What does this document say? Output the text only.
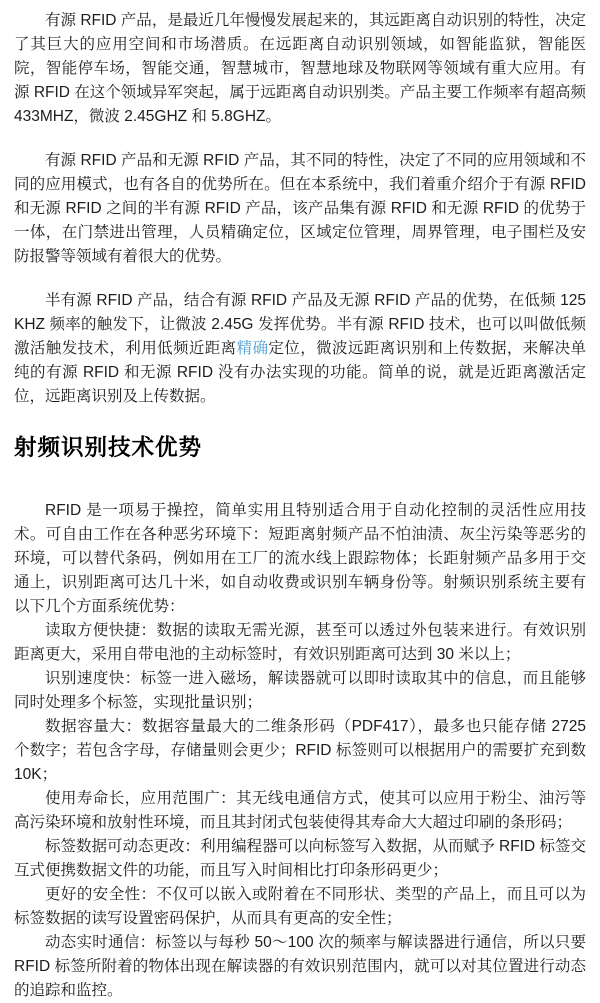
有源 RFID 产品，是最近几年慢慢发展起来的，其远距离自动识别的特性，决定了其巨大的应用空间和市场潜质。在远距离自动识别领域，如智能监狱，智能医院，智能停车场，智能交通，智慧城市，智慧地球及物联网等领域有重大应用。有源 RFID 在这个领域异军突起，属于远距离自动识别类。产品主要工作频率有超高频 433MHZ，微波 2.45GHZ 和 5.8GHZ。

有源 RFID 产品和无源 RFID 产品，其不同的特性，决定了不同的应用领域和不同的应用模式，也有各自的优势所在。但在本系统中，我们着重介绍介于有源 RFID 和无源 RFID 之间的半有源 RFID 产品，该产品集有源 RFID 和无源 RFID 的优势于一体，在门禁进出管理，人员精确定位，区域定位管理，周界管理，电子围栏及安防报警等领域有着很大的优势。

半有源 RFID 产品，结合有源 RFID 产品及无源 RFID 产品的优势，在低频 125KHZ 频率的触发下，让微波 2.45G 发挥优势。半有源 RFID 技术，也可以叫做低频激活触发技术，利用低频近距离精确定位，微波远距离识别和上传数据，来解决单纯的有源 RFID 和无源 RFID 没有办法实现的功能。简单的说，就是近距离激活定位，远距离识别及上传数据。

射频识别技术优势

RFID 是一项易于操控，简单实用且特别适合用于自动化控制的灵活性应用技术。可自由工作在各种恶劣环境下：短距离射频产品不怕油渍、灰尘污染等恶劣的环境，可以替代条码，例如用在工厂的流水线上跟踪物体；长距射频产品多用于交通上，识别距离可达几十米，如自动收费或识别车辆身份等。射频识别系统主要有以下几个方面系统优势：

读取方便快捷：数据的读取无需光源，甚至可以透过外包装来进行。有效识别距离更大，采用自带电池的主动标签时，有效识别距离可达到 30 米以上；

识别速度快：标签一进入磁场，解读器就可以即时读取其中的信息，而且能够同时处理多个标签，实现批量识别；

数据容量大：数据容量最大的二维条形码（PDF417），最多也只能存储 2725 个数字；若包含字母，存储量则会更少；RFID 标签则可以根据用户的需要扩充到数 10K；

使用寿命长，应用范围广：其无线电通信方式，使其可以应用于粉尘、油污等高污染环境和放射性环境，而且其封闭式包装使得其寿命大大超过印刷的条形码；

标签数据可动态更改：利用编程器可以向标签写入数据，从而赋予 RFID 标签交互式便携数据文件的功能，而且写入时间相比打印条形码更少；

更好的安全性：不仅可以嵌入或附着在不同形状、类型的产品上，而且可以为标签数据的读写设置密码保护，从而具有更高的安全性；

动态实时通信：标签以与每秒 50～100 次的频率与解读器进行通信，所以只要 RFID 标签所附着的物体出现在解读器的有效识别范围内，就可以对其位置进行动态的追踪和监控。
